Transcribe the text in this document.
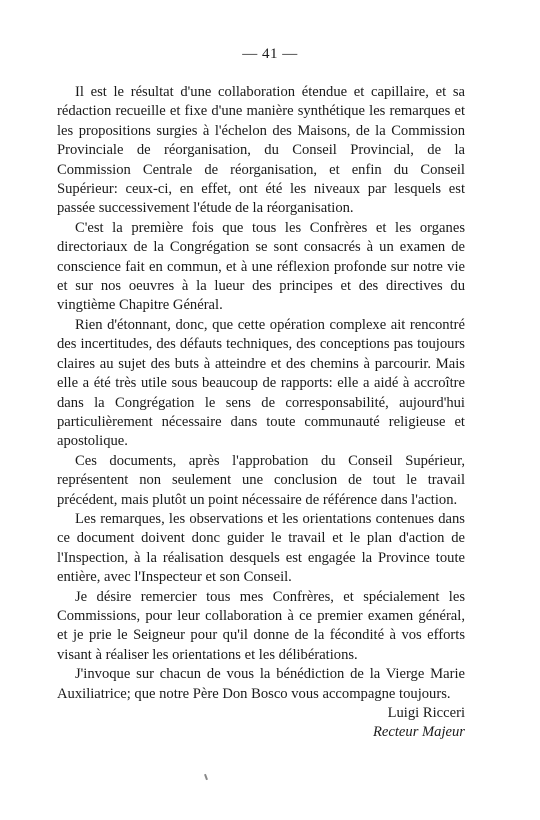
— 41 —

Il est le résultat d'une collaboration étendue et capillaire, et sa rédaction recueille et fixe d'une manière synthétique les remarques et les propositions surgies à l'échelon des Maisons, de la Commission Provinciale de réorganisation, du Conseil Provincial, de la Commission Centrale de réorganisation, et enfin du Conseil Supérieur: ceux-ci, en effet, ont été les niveaux par lesquels est passée successivement l'étude de la réorganisation.

C'est la première fois que tous les Confrères et les organes directoriaux de la Congrégation se sont consacrés à un examen de conscience fait en commun, et à une réflexion profonde sur notre vie et sur nos oeuvres à la lueur des principes et des directives du vingtième Chapitre Général.

Rien d'étonnant, donc, que cette opération complexe ait rencontré des incertitudes, des défauts techniques, des conceptions pas toujours claires au sujet des buts à atteindre et des chemins à parcourir. Mais elle a été très utile sous beaucoup de rapports: elle a aidé à accroître dans la Congrégation le sens de corresponsabilité, aujourd'hui particulièrement nécessaire dans toute communauté religieuse et apostolique.

Ces documents, après l'approbation du Conseil Supérieur, représentent non seulement une conclusion de tout le travail précédent, mais plutôt un point nécessaire de référence dans l'action.

Les remarques, les observations et les orientations contenues dans ce document doivent donc guider le travail et le plan d'action de l'Inspection, à la réalisation desquels est engagée la Province toute entière, avec l'Inspecteur et son Conseil.

Je désire remercier tous mes Confrères, et spécialement les Commissions, pour leur collaboration à ce premier examen général, et je prie le Seigneur pour qu'il donne de la fécondité à vos efforts visant à réaliser les orientations et les délibérations.

J'invoque sur chacun de vous la bénédiction de la Vierge Marie Auxiliatrice; que notre Père Don Bosco vous accompagne toujours.

Luigi Ricceri
Recteur Majeur
